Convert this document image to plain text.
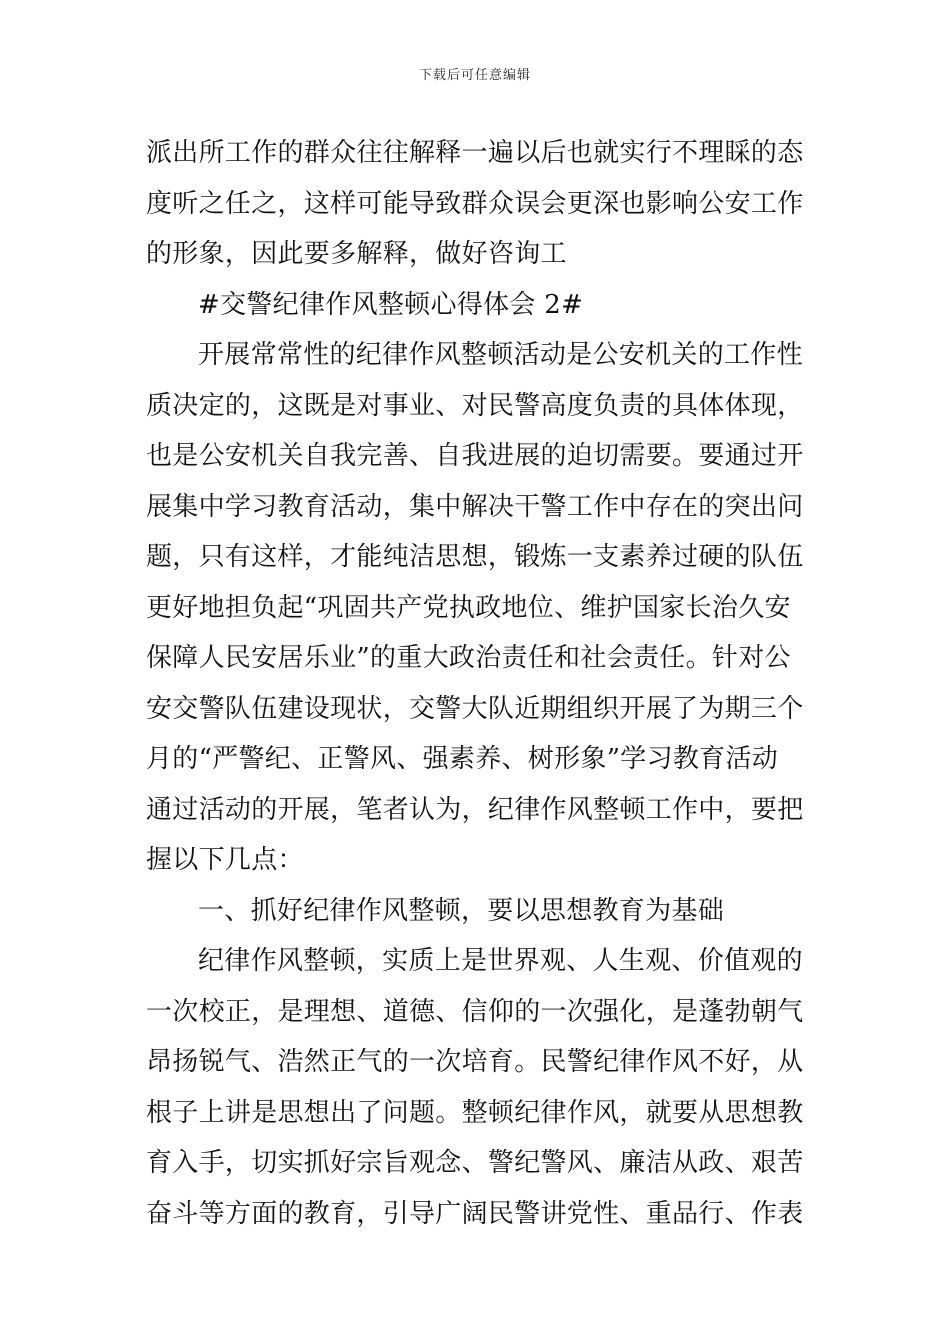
下载后可任意编辑
派出所工作的群众往往解释一遍以后也就实行不理睬的态
度听之任之，这样可能导致群众误会更深也影响公安工作
的形象，因此要多解释，做好咨询工
#交警纪律作风整顿心得体会 2#
开展常常性的纪律作风整顿活动是公安机关的工作性
质决定的，这既是对事业、对民警高度负责的具体体现，
也是公安机关自我完善、自我进展的迫切需要。要通过开
展集中学习教育活动，集中解决干警工作中存在的突出问
题，只有这样，才能纯洁思想，锻炼一支素养过硬的队伍
更好地担负起“巩固共产党执政地位、维护国家长治久安
保障人民安居乐业”的重大政治责任和社会责任。针对公
安交警队伍建设现状，交警大队近期组织开展了为期三个
月的“严警纪、正警风、强素养、树形象”学习教育活动
通过活动的开展，笔者认为，纪律作风整顿工作中，要把
握以下几点：
一、抓好纪律作风整顿，要以思想教育为基础
纪律作风整顿，实质上是世界观、人生观、价值观的
一次校正，是理想、道德、信仰的一次强化，是蓬勃朝气
昂扬锐气、浩然正气的一次培育。民警纪律作风不好，从
根子上讲是思想出了问题。整顿纪律作风，就要从思想教
育入手，切实抓好宗旨观念、警纪警风、廉洁从政、艰苦
奋斗等方面的教育，引导广阔民警讲党性、重品行、作表
